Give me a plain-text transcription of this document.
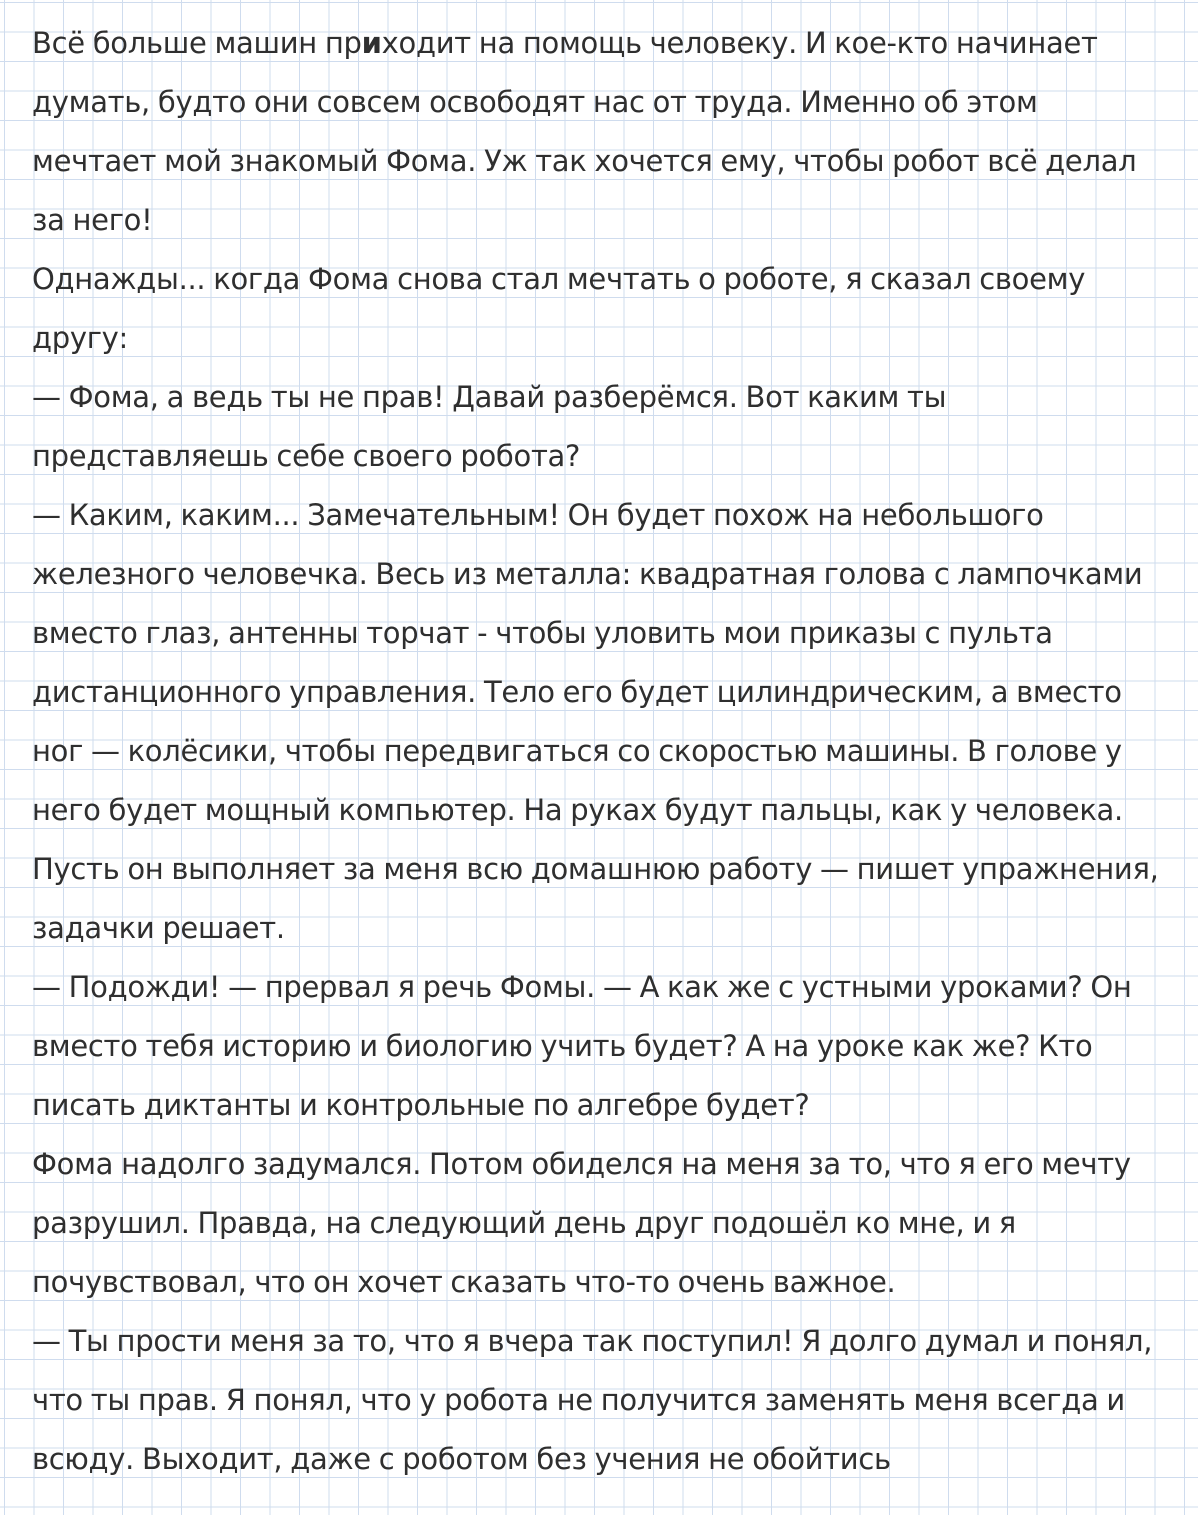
Всё больше машин приходит на помощь человеку. И кое-кто начинает
думать, будто они совсем освободят нас от труда. Именно об этом
мечтает мой знакомый Фома. Уж так хочется ему, чтобы робот всё делал
за него!
Однажды... когда Фома снова стал мечтать о роботе, я сказал своему
другу:
— Фома, а ведь ты не прав! Давай разберёмся. Вот каким ты
представляешь себе своего робота?
— Каким, каким... Замечательным! Он будет похож на небольшого
железного человечка. Весь из металла: квадратная голова с лампочками
вместо глаз, антенны торчат - чтобы уловить мои приказы с пульта
дистанционного управления. Тело его будет цилиндрическим, а вместо
ног — колёсики, чтобы передвигаться со скоростью машины. В голове у
него будет мощный компьютер. На руках будут пальцы, как у человека.
Пусть он выполняет за меня всю домашнюю работу — пишет упражнения,
задачки решает.
— Подожди! — прервал я речь Фомы. — А как же с устными уроками? Он
вместо тебя историю и биологию учить будет? А на уроке как же? Кто
писать диктанты и контрольные по алгебре будет?
Фома надолго задумался. Потом обиделся на меня за то, что я его мечту
разрушил. Правда, на следующий день друг подошёл ко мне, и я
почувствовал, что он хочет сказать что-то очень важное.
— Ты прости меня за то, что я вчера так поступил! Я долго думал и понял,
что ты прав. Я понял, что у робота не получится заменять меня всегда и
всюду. Выходит, даже с роботом без учения не обойтись
